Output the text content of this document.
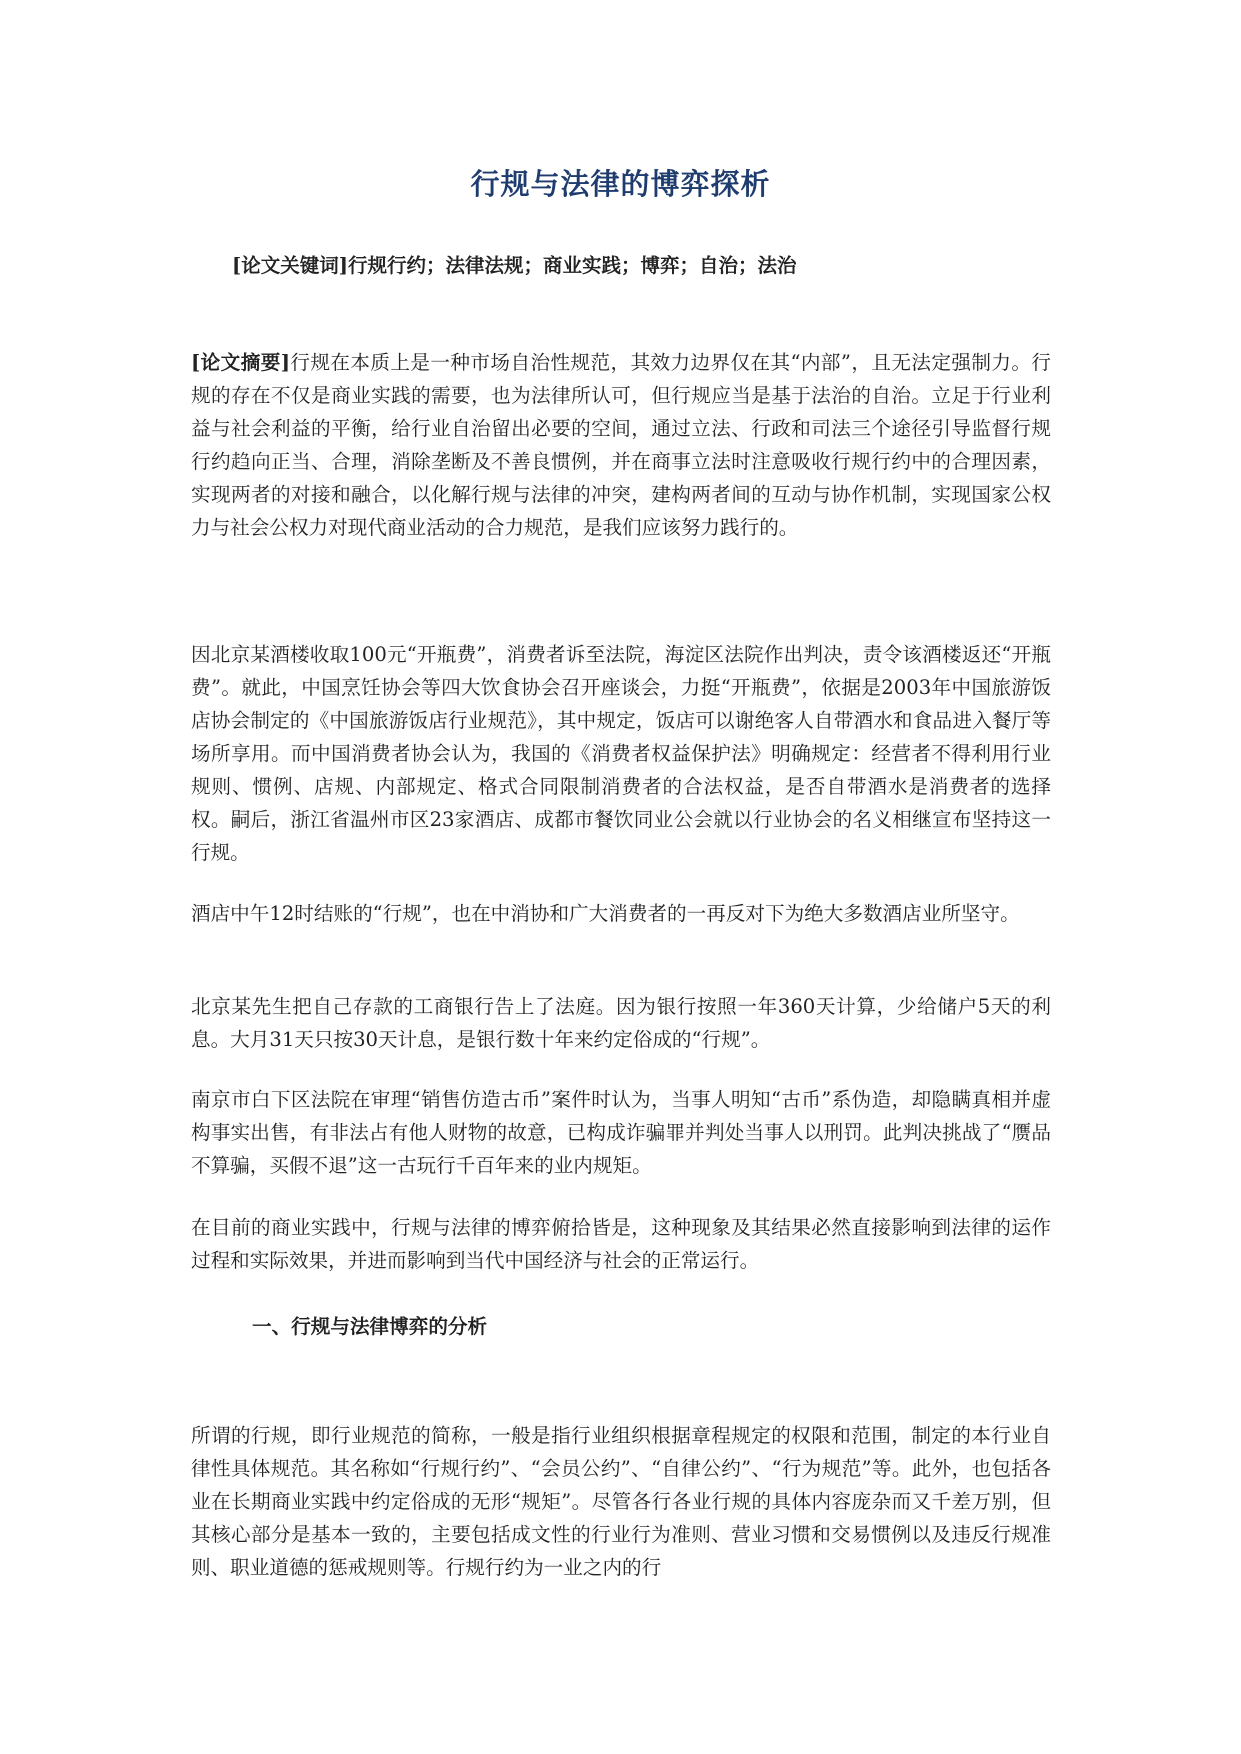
行规与法律的博弈探析
[论文关键词]行规行约；法律法规；商业实践；博弈；自治；法治

[论文摘要]行规在本质上是一种市场自治性规范，其效力边界仅在其“内部”，且无法定强制力。行规的存在不仅是商业实践的需要，也为法律所认可，但行规应当是基于法治的自治。立足于行业利益与社会利益的平衡，给行业自治留出必要的空间，通过立法、行政和司法三个途径引导监督行规行约趋向正当、合理，消除垄断及不善良惯例，并在商事立法时注意吸收行规行约中的合理因素，实现两者的对接和融合，以化解行规与法律的冲突，建构两者间的互动与协作机制，实现国家公权力与社会公权力对现代商业活动的合力规范，是我们应该努力践行的。

因北京某酒楼收取100元“开瓶费”，消费者诉至法院，海淀区法院作出判决，责令该酒楼返还“开瓶费”。就此，中国烹饪协会等四大饮食协会召开座谈会，力挺“开瓶费”，依据是2003年中国旅游饭店协会制定的《中国旅游饭店行业规范》，其中规定，饭店可以谢绝客人自带酒水和食品进入餐厅等场所享用。而中国消费者协会认为，我国的《消费者权益保护法》明确规定：经营者不得利用行业规则、惯例、店规、内部规定、格式合同限制消费者的合法权益，是否自带酒水是消费者的选择权。嗣后，浙江省温州市区23家酒店、成都市餐饮同业公会就以行业协会的名义相继宣布坚持这一行规。

酒店中午12时结账的“行规”，也在中消协和广大消费者的一再反对下为绝大多数酒店业所坚守。

北京某先生把自己存款的工商银行告上了法庭。因为银行按照一年360天计算，少给储户5天的利息。大月31天只按30天计息，是银行数十年来约定俗成的“行规”。

南京市白下区法院在审理“销售仿造古币”案件时认为，当事人明知“古币”系伪造，却隐瞒真相并虚构事实出售，有非法占有他人财物的故意，已构成诈骗罪并判处当事人以刑罚。此判决挑战了“赝品不算骗，买假不退”这一古玩行千百年来的业内规矩。

在目前的商业实践中，行规与法律的博弈俯拾皆是，这种现象及其结果必然直接影响到法律的运作过程和实际效果，并进而影响到当代中国经济与社会的正常运行。

一、行规与法律博弈的分析

所谓的行规，即行业规范的简称，一般是指行业组织根据章程规定的权限和范围，制定的本行业自律性具体规范。其名称如“行规行约”、“会员公约”、“自律公约”、“行为规范”等。此外，也包括各业在长期商业实践中约定俗成的无形“规矩”。尽管各行各业行规的具体内容庞杂而又千差万别，但其核心部分是基本一致的，主要包括成文性的行业行为准则、营业习惯和交易惯例以及违反行规准则、职业道德的惩戒规则等。行规行约为一业之内的行
